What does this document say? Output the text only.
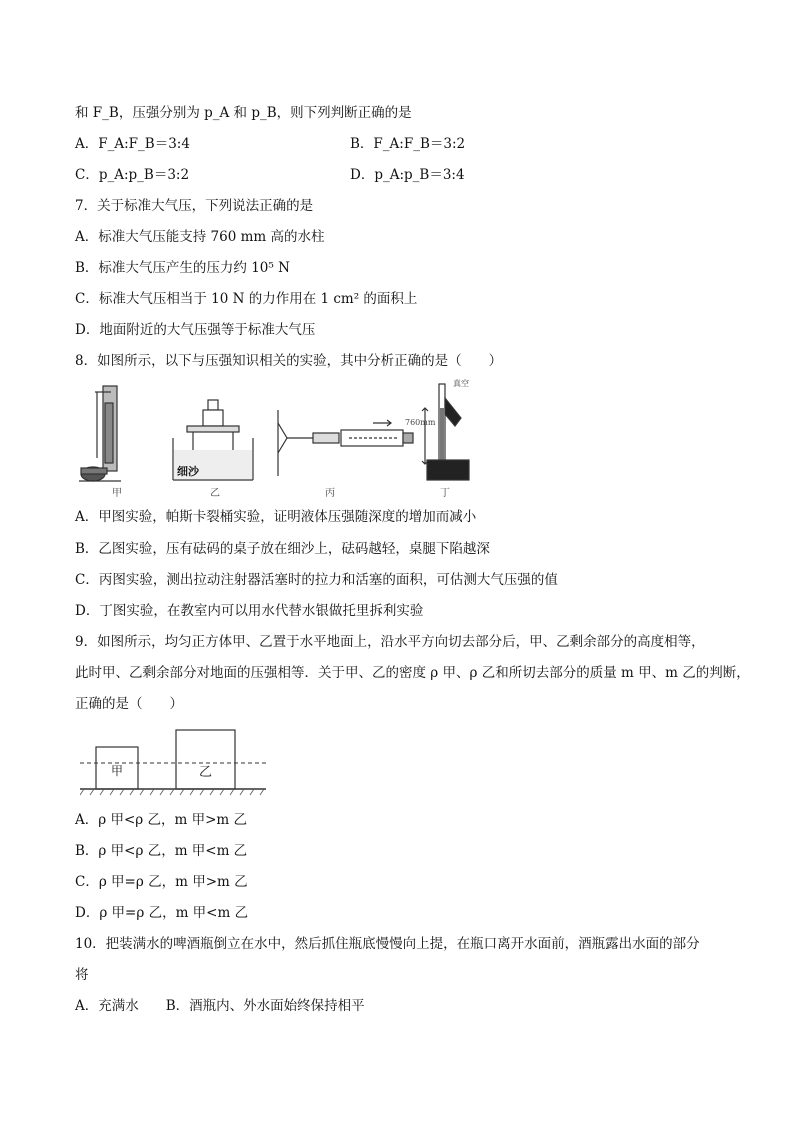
和 F_B，压强分别为 p_A 和 p_B，则下列判断正确的是
A．F_A:F_B＝3:4	B．F_A:F_B＝3:2
C．p_A:p_B＝3:2	D．p_A:p_B＝3:4
7．关于标准大气压，下列说法正确的是
A．标准大气压能支持 760 mm 高的水柱
B．标准大气压产生的压力约 10⁵ N
C．标准大气压相当于 10 N 的力作用在 1 cm² 的面积上
D．地面附近的大气压强等于标准大气压
8．如图所示，以下与压强知识相关的实验，其中分析正确的是（　　）
真空
760mm
细沙
甲	乙	丙	丁
A．甲图实验，帕斯卡裂桶实验，证明液体压强随深度的增加而减小
B．乙图实验，压有砝码的桌子放在细沙上，砝码越轻，桌腿下陷越深
C．丙图实验，测出拉动注射器活塞时的拉力和活塞的面积，可估测大气压强的值
D．丁图实验，在教室内可以用水代替水银做托里拆利实验
9．如图所示，均匀正方体甲、乙置于水平地面上，沿水平方向切去部分后，甲、乙剩余部分的高度相等，
此时甲、乙剩余部分对地面的压强相等．关于甲、乙的密度 ρ 甲、ρ 乙和所切去部分的质量 m 甲、m 乙的判断，
正确的是（　　）
甲	乙
A．ρ 甲<ρ 乙，m 甲>m 乙
B．ρ 甲<ρ 乙，m 甲<m 乙
C．ρ 甲=ρ 乙，m 甲>m 乙
D．ρ 甲=ρ 乙，m 甲<m 乙
10．把装满水的啤酒瓶倒立在水中，然后抓住瓶底慢慢向上提，在瓶口离开水面前，酒瓶露出水面的部分
将
A．充满水　　B．酒瓶内、外水面始终保持相平
